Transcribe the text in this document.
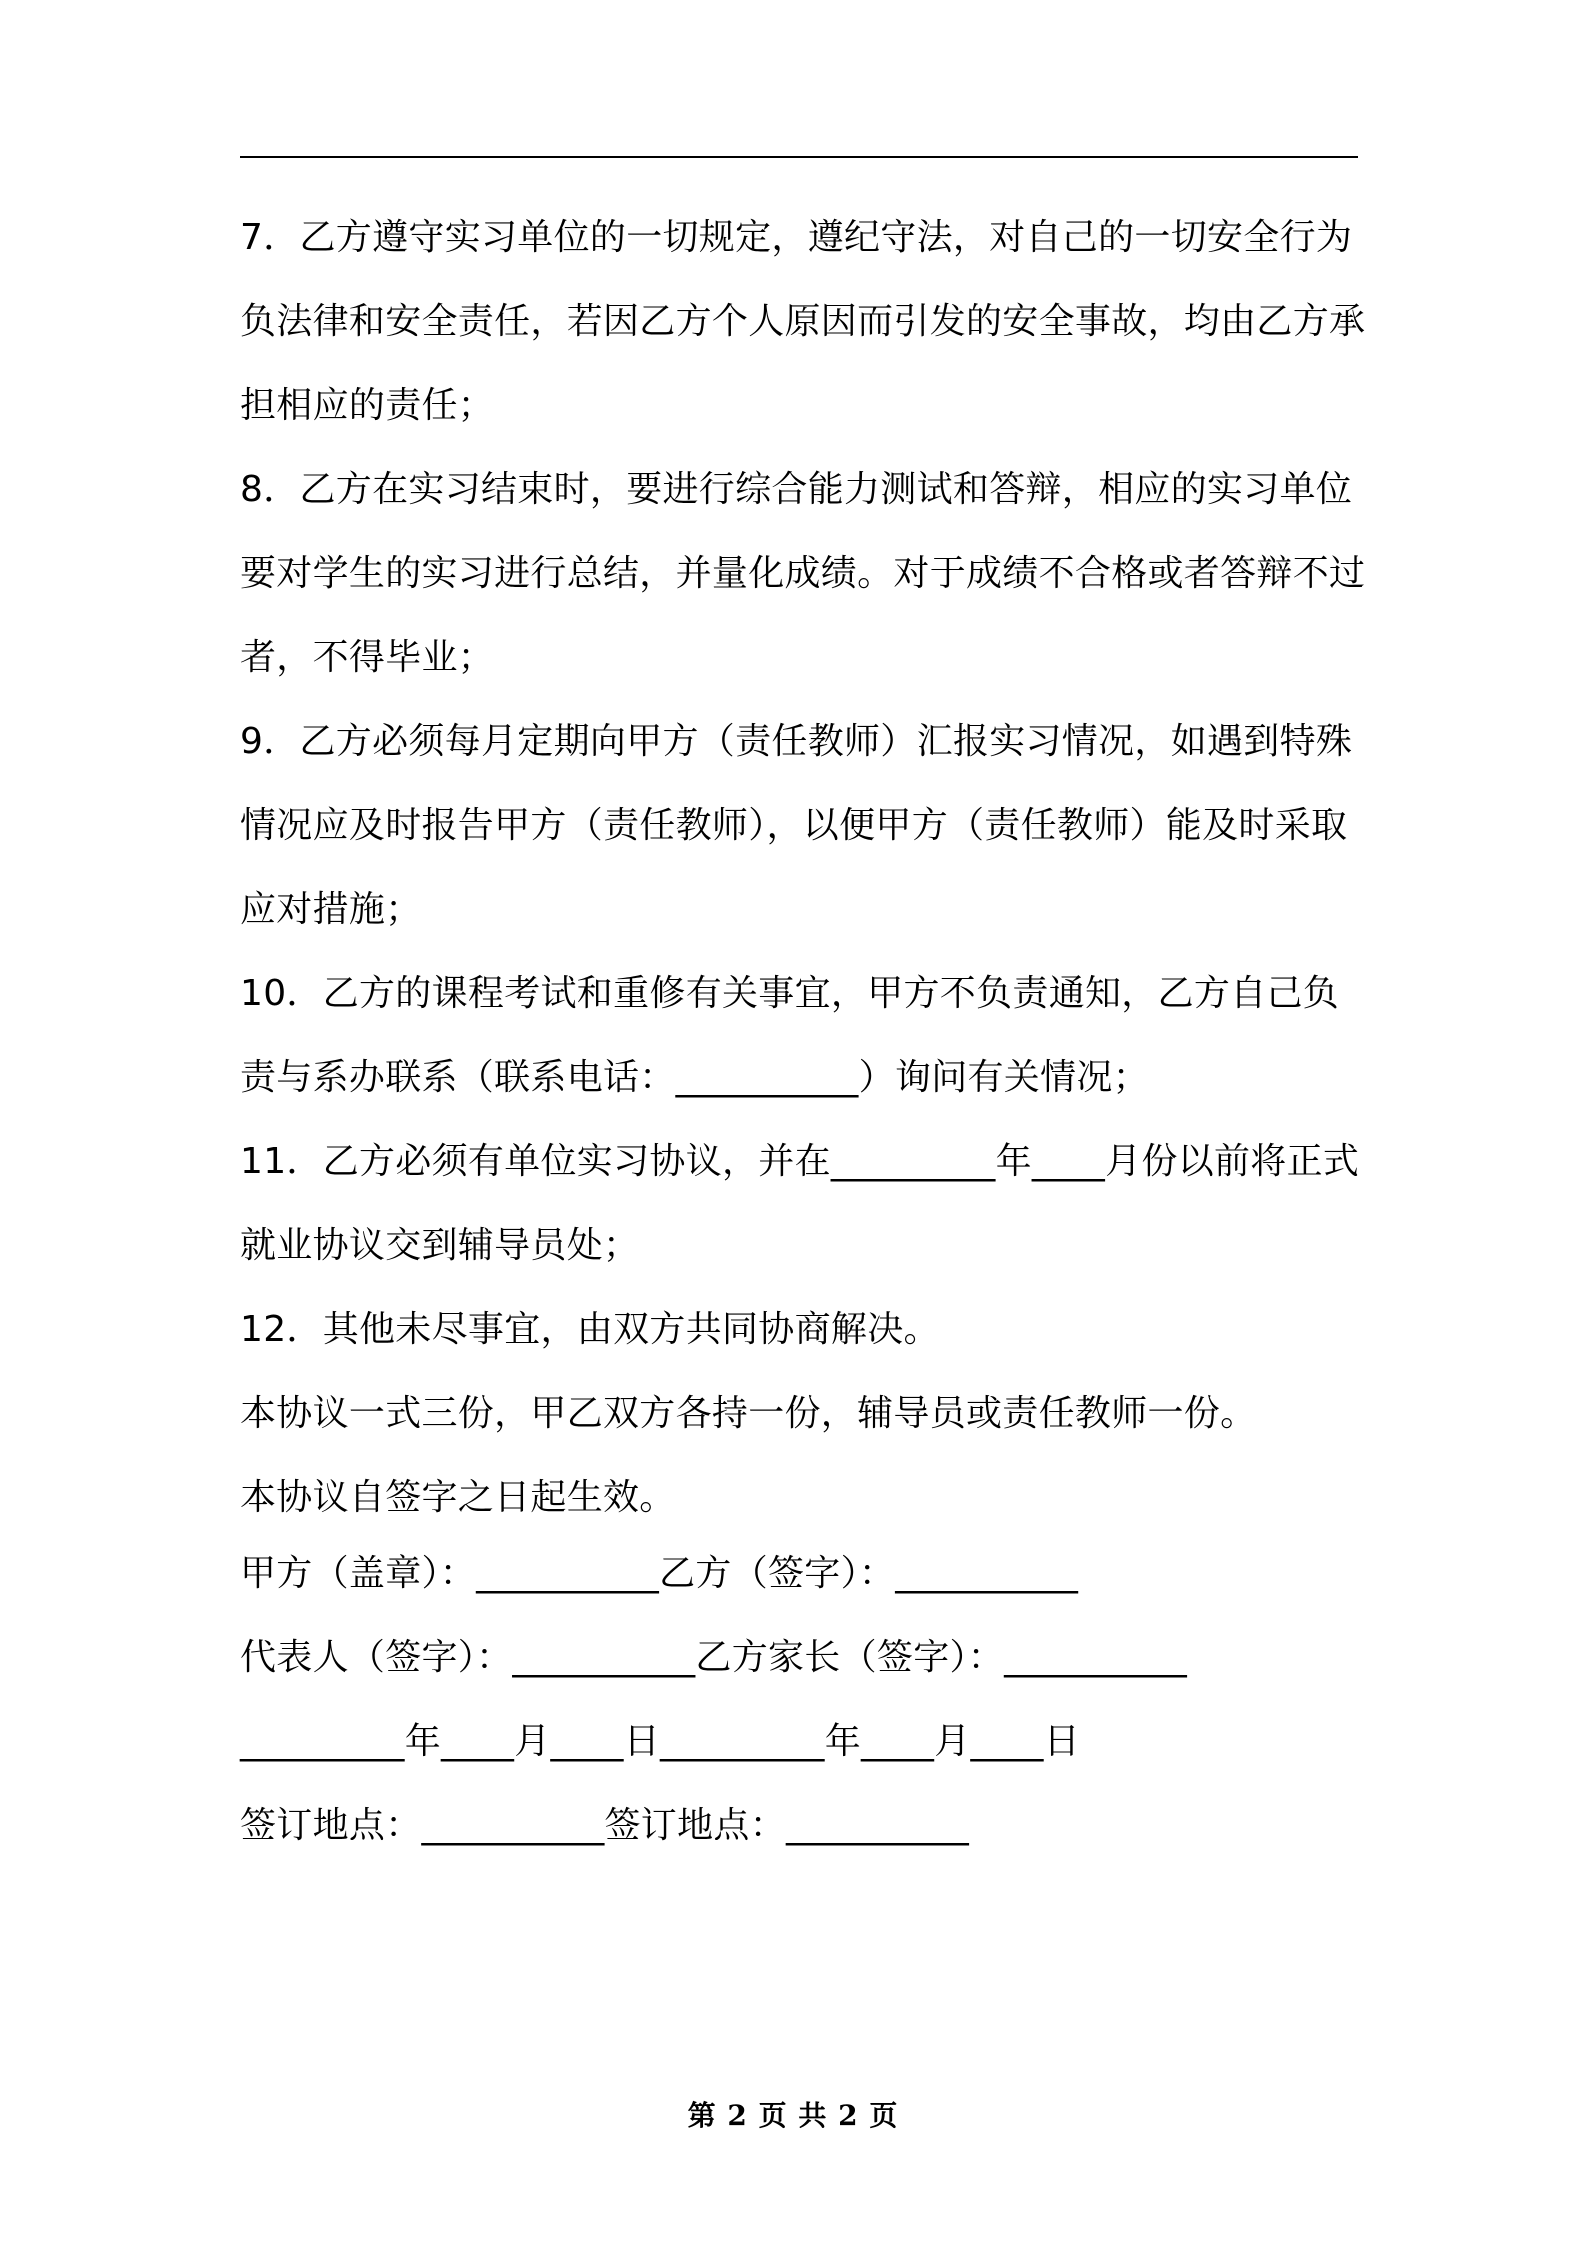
7．乙方遵守实习单位的一切规定，遵纪守法，对自己的一切安全行为负法律和安全责任，若因乙方个人原因而引发的安全事故，均由乙方承担相应的责任；

8．乙方在实习结束时，要进行综合能力测试和答辩，相应的实习单位要对学生的实习进行总结，并量化成绩。对于成绩不合格或者答辩不过者，不得毕业；

9．乙方必须每月定期向甲方（责任教师）汇报实习情况，如遇到特殊情况应及时报告甲方（责任教师），以便甲方（责任教师）能及时采取应对措施；

10．乙方的课程考试和重修有关事宜，甲方不负责通知，乙方自己负责与系办联系（联系电话：__________）询问有关情况；

11．乙方必须有单位实习协议，并在_________年____月份以前将正式就业协议交到辅导员处；

12．其他未尽事宜，由双方共同协商解决。

本协议一式三份，甲乙双方各持一份，辅导员或责任教师一份。

本协议自签字之日起生效。

甲方（盖章）：__________乙方（签字）：__________

代表人（签字）：__________乙方家长（签字）：__________

_________年____月____日_________年____月____日

签订地点：__________签订地点：__________

第 2 页 共 2 页
